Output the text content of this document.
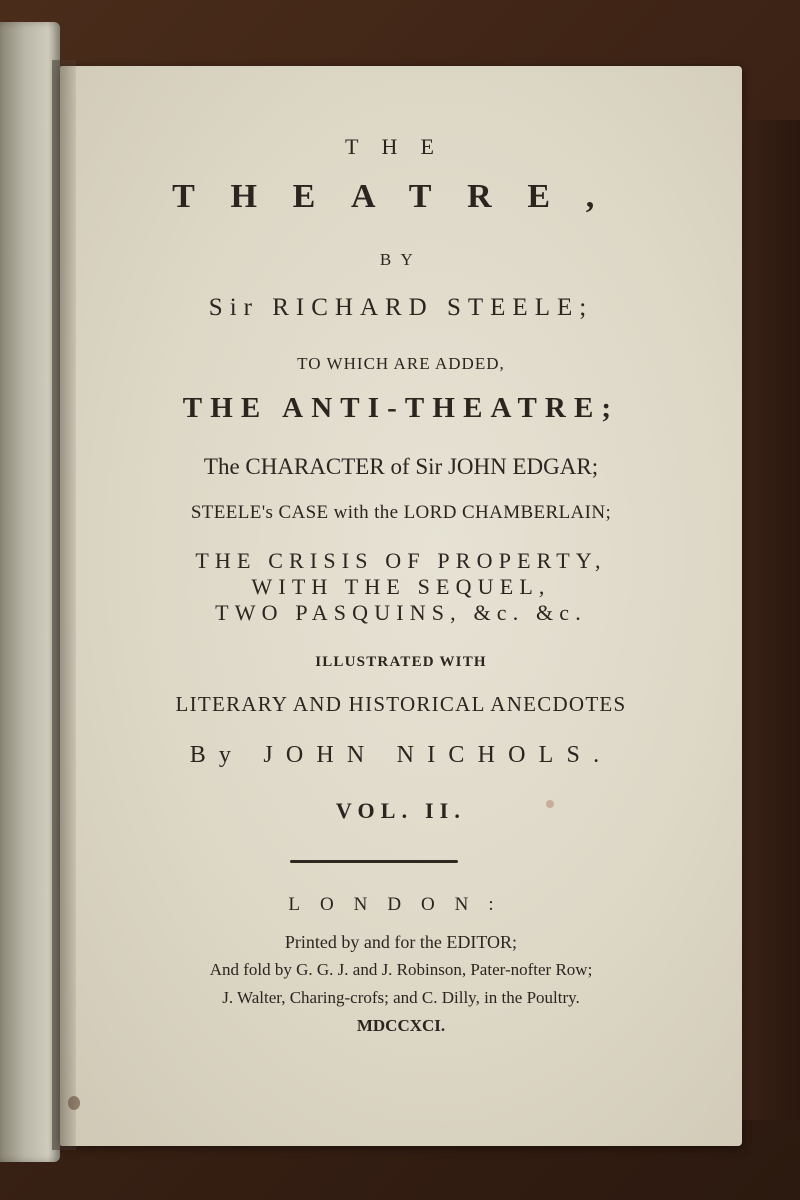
THE
THEATRE,
BY
Sir RICHARD STEELE;
TO WHICH ARE ADDED,
THE ANTI-THEATRE;
The CHARACTER of Sir JOHN EDGAR;
STEELE's CASE with the LORD CHAMBERLAIN;
THE CRISIS OF PROPERTY,
WITH THE SEQUEL,
TWO PASQUINS, &c. &c.
ILLUSTRATED WITH
LITERARY AND HISTORICAL ANECDOTES
By JOHN NICHOLS.
VOL. II.
LONDON:
Printed by and for the EDITOR;
And fold by G. G. J. and J. Robinson, Pater-nofter Row;
J. Walter, Charing-crofs; and C. Dilly, in the Poultry.
MDCCXCI.
